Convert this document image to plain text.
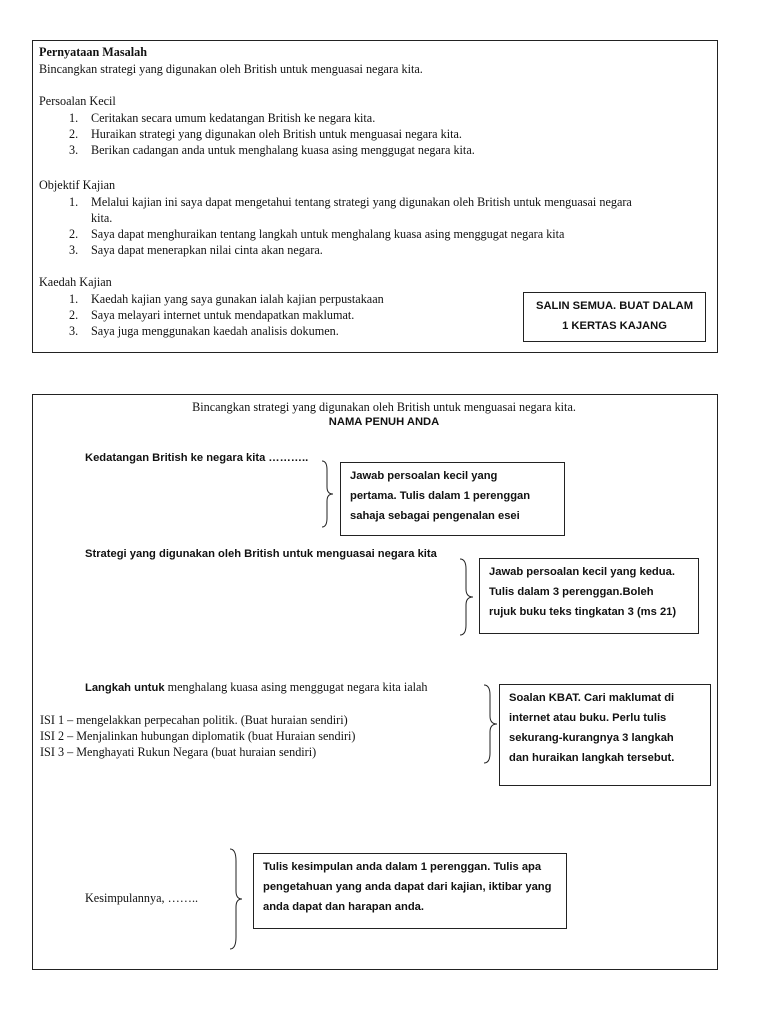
Pernyataan Masalah
Bincangkan strategi yang digunakan oleh British untuk menguasai negara kita.
Persoalan Kecil
1. Ceritakan secara umum kedatangan British ke negara kita.
2. Huraikan strategi yang digunakan oleh British untuk menguasai negara kita.
3. Berikan cadangan anda untuk menghalang kuasa asing menggugat negara kita.
Objektif Kajian
1. Melalui kajian ini saya dapat mengetahui tentang strategi yang digunakan oleh British untuk menguasai negara
kita.
2. Saya dapat menghuraikan tentang langkah untuk menghalang kuasa asing menggugat negara kita
3. Saya dapat menerapkan nilai cinta akan negara.
Kaedah Kajian
1. Kaedah kajian yang saya gunakan ialah kajian perpustakaan
2. Saya melayari internet untuk mendapatkan maklumat.
3. Saya juga menggunakan kaedah analisis dokumen.
SALIN SEMUA. BUAT DALAM
1 KERTAS KAJANG
Bincangkan strategi yang digunakan oleh British untuk menguasai negara kita.
NAMA PENUH ANDA
Kedatangan British ke negara kita ………..
Jawab persoalan kecil yang
pertama. Tulis dalam 1 perenggan
sahaja sebagai pengenalan esei
Strategi yang digunakan oleh British untuk menguasai negara kita
Jawab persoalan kecil yang kedua.
Tulis dalam 3 perenggan.Boleh
rujuk buku teks tingkatan 3 (ms 21)
Langkah untuk menghalang kuasa asing menggugat negara kita ialah
ISI 1 – mengelakkan perpecahan politik. (Buat huraian sendiri)
ISI 2 – Menjalinkan hubungan diplomatik (buat Huraian sendiri)
ISI 3 – Menghayati Rukun Negara (buat huraian sendiri)
Soalan KBAT. Cari maklumat di
internet atau buku. Perlu tulis
sekurang-kurangnya 3 langkah
dan huraikan langkah tersebut.
Kesimpulannya, ……..
Tulis kesimpulan anda dalam 1 perenggan. Tulis apa
pengetahuan yang anda dapat dari kajian, iktibar yang
anda dapat dan harapan anda.
